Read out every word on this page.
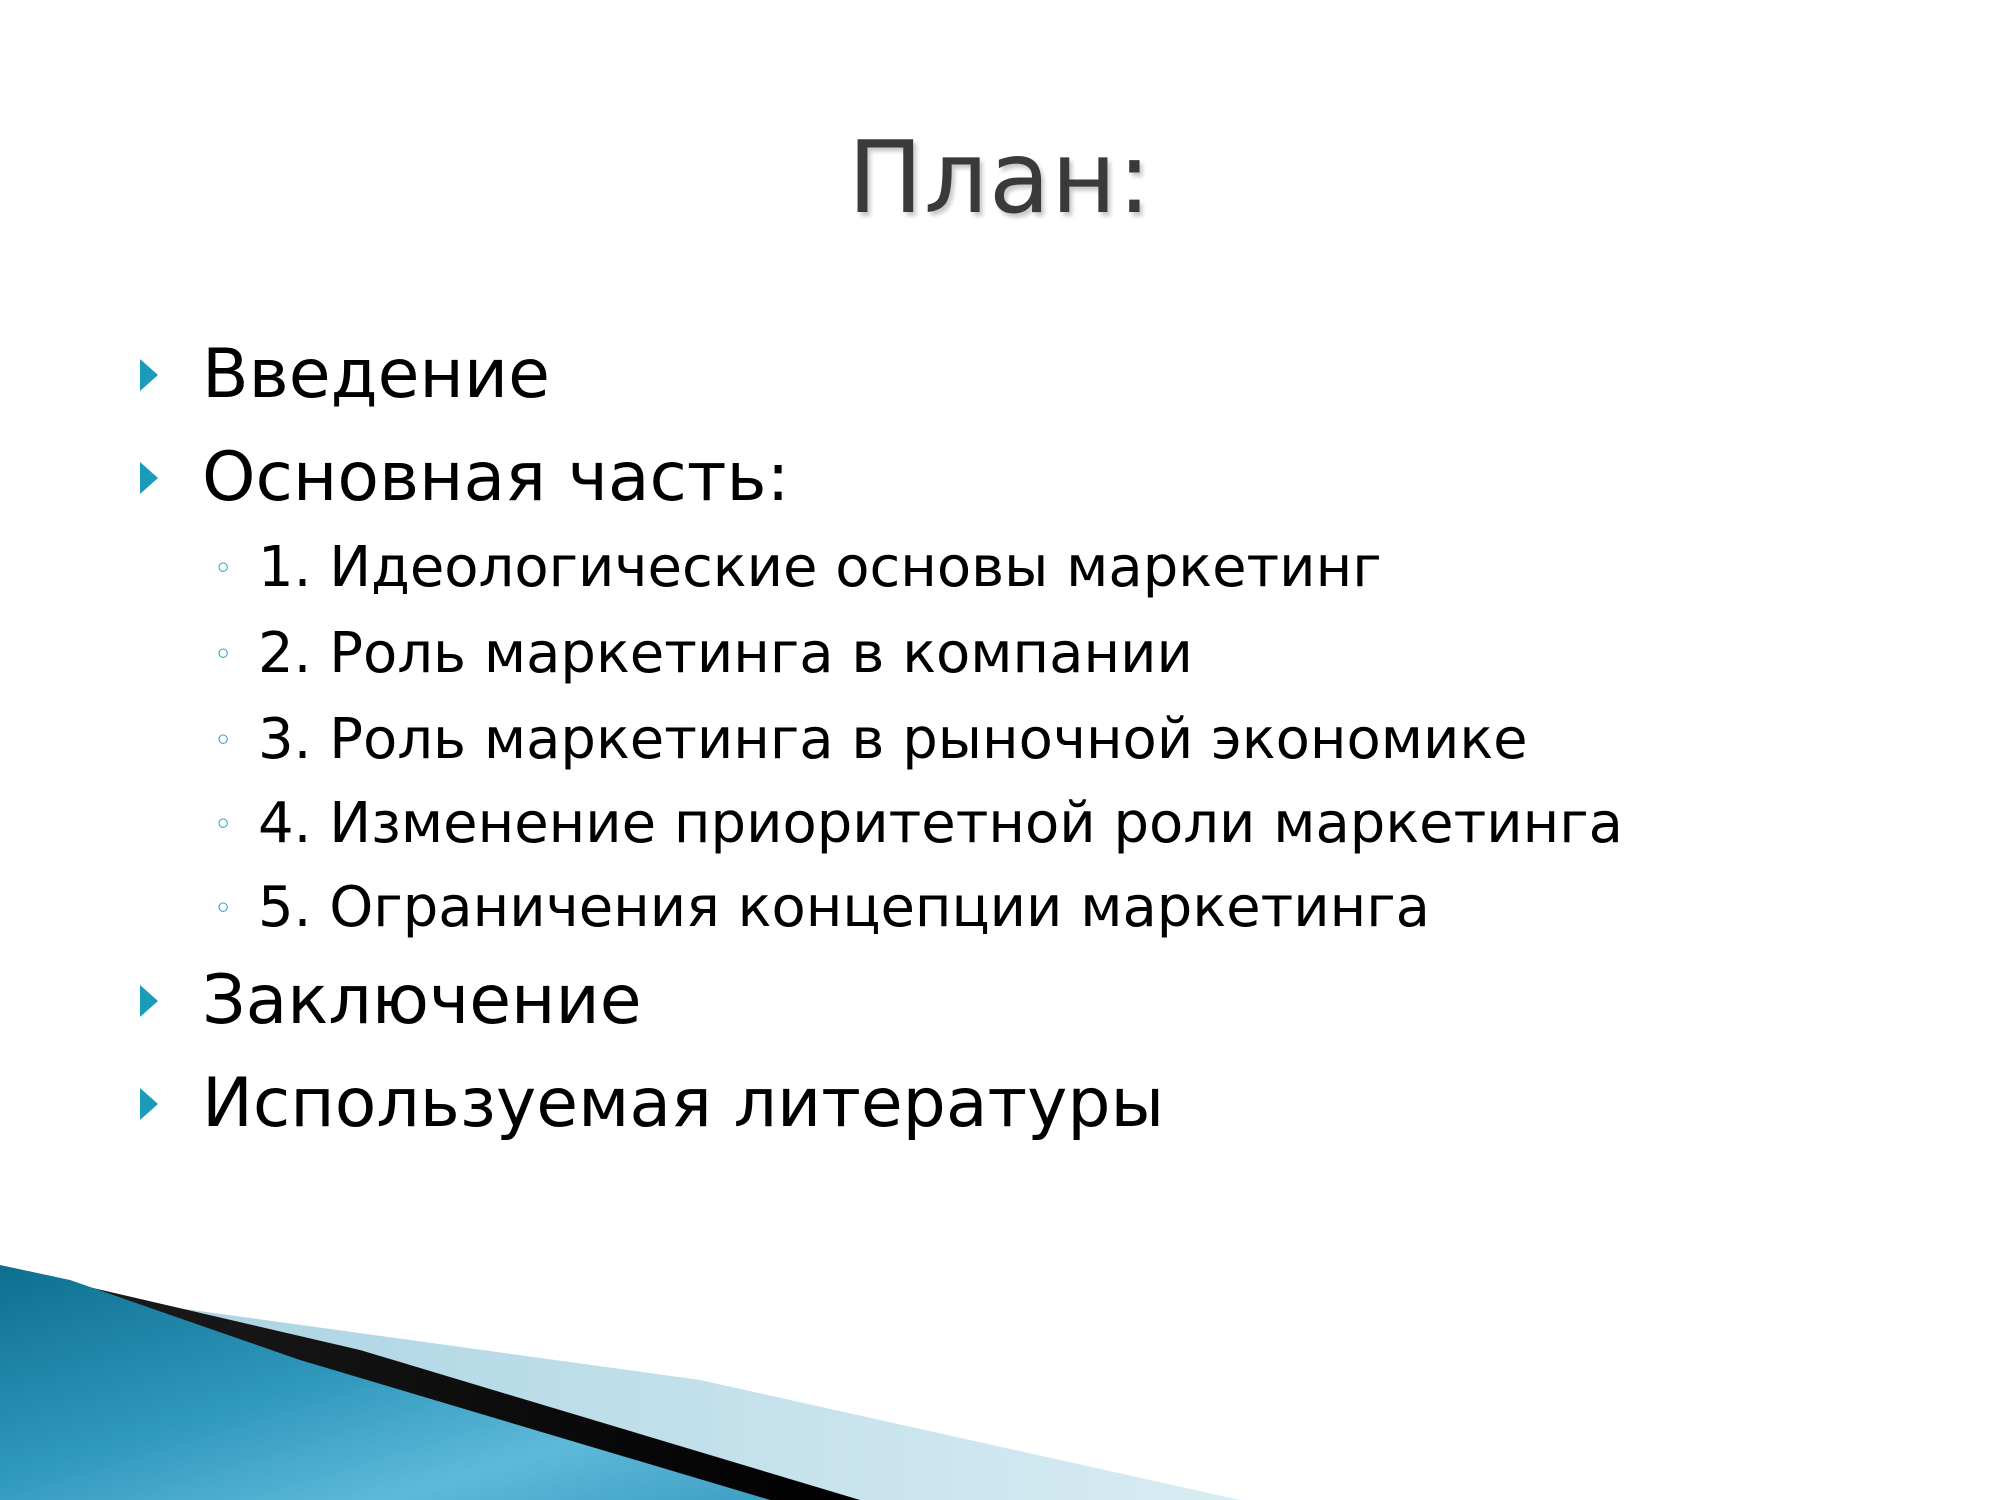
План:
Введение
Основная часть:
◦ 1. Идеологические основы маркетинг
◦ 2. Роль маркетинга в компании
◦ 3. Роль маркетинга в рыночной экономике
◦ 4. Изменение приоритетной роли маркетинга
◦ 5. Ограничения концепции маркетинга
Заключение
Используемая литературы
